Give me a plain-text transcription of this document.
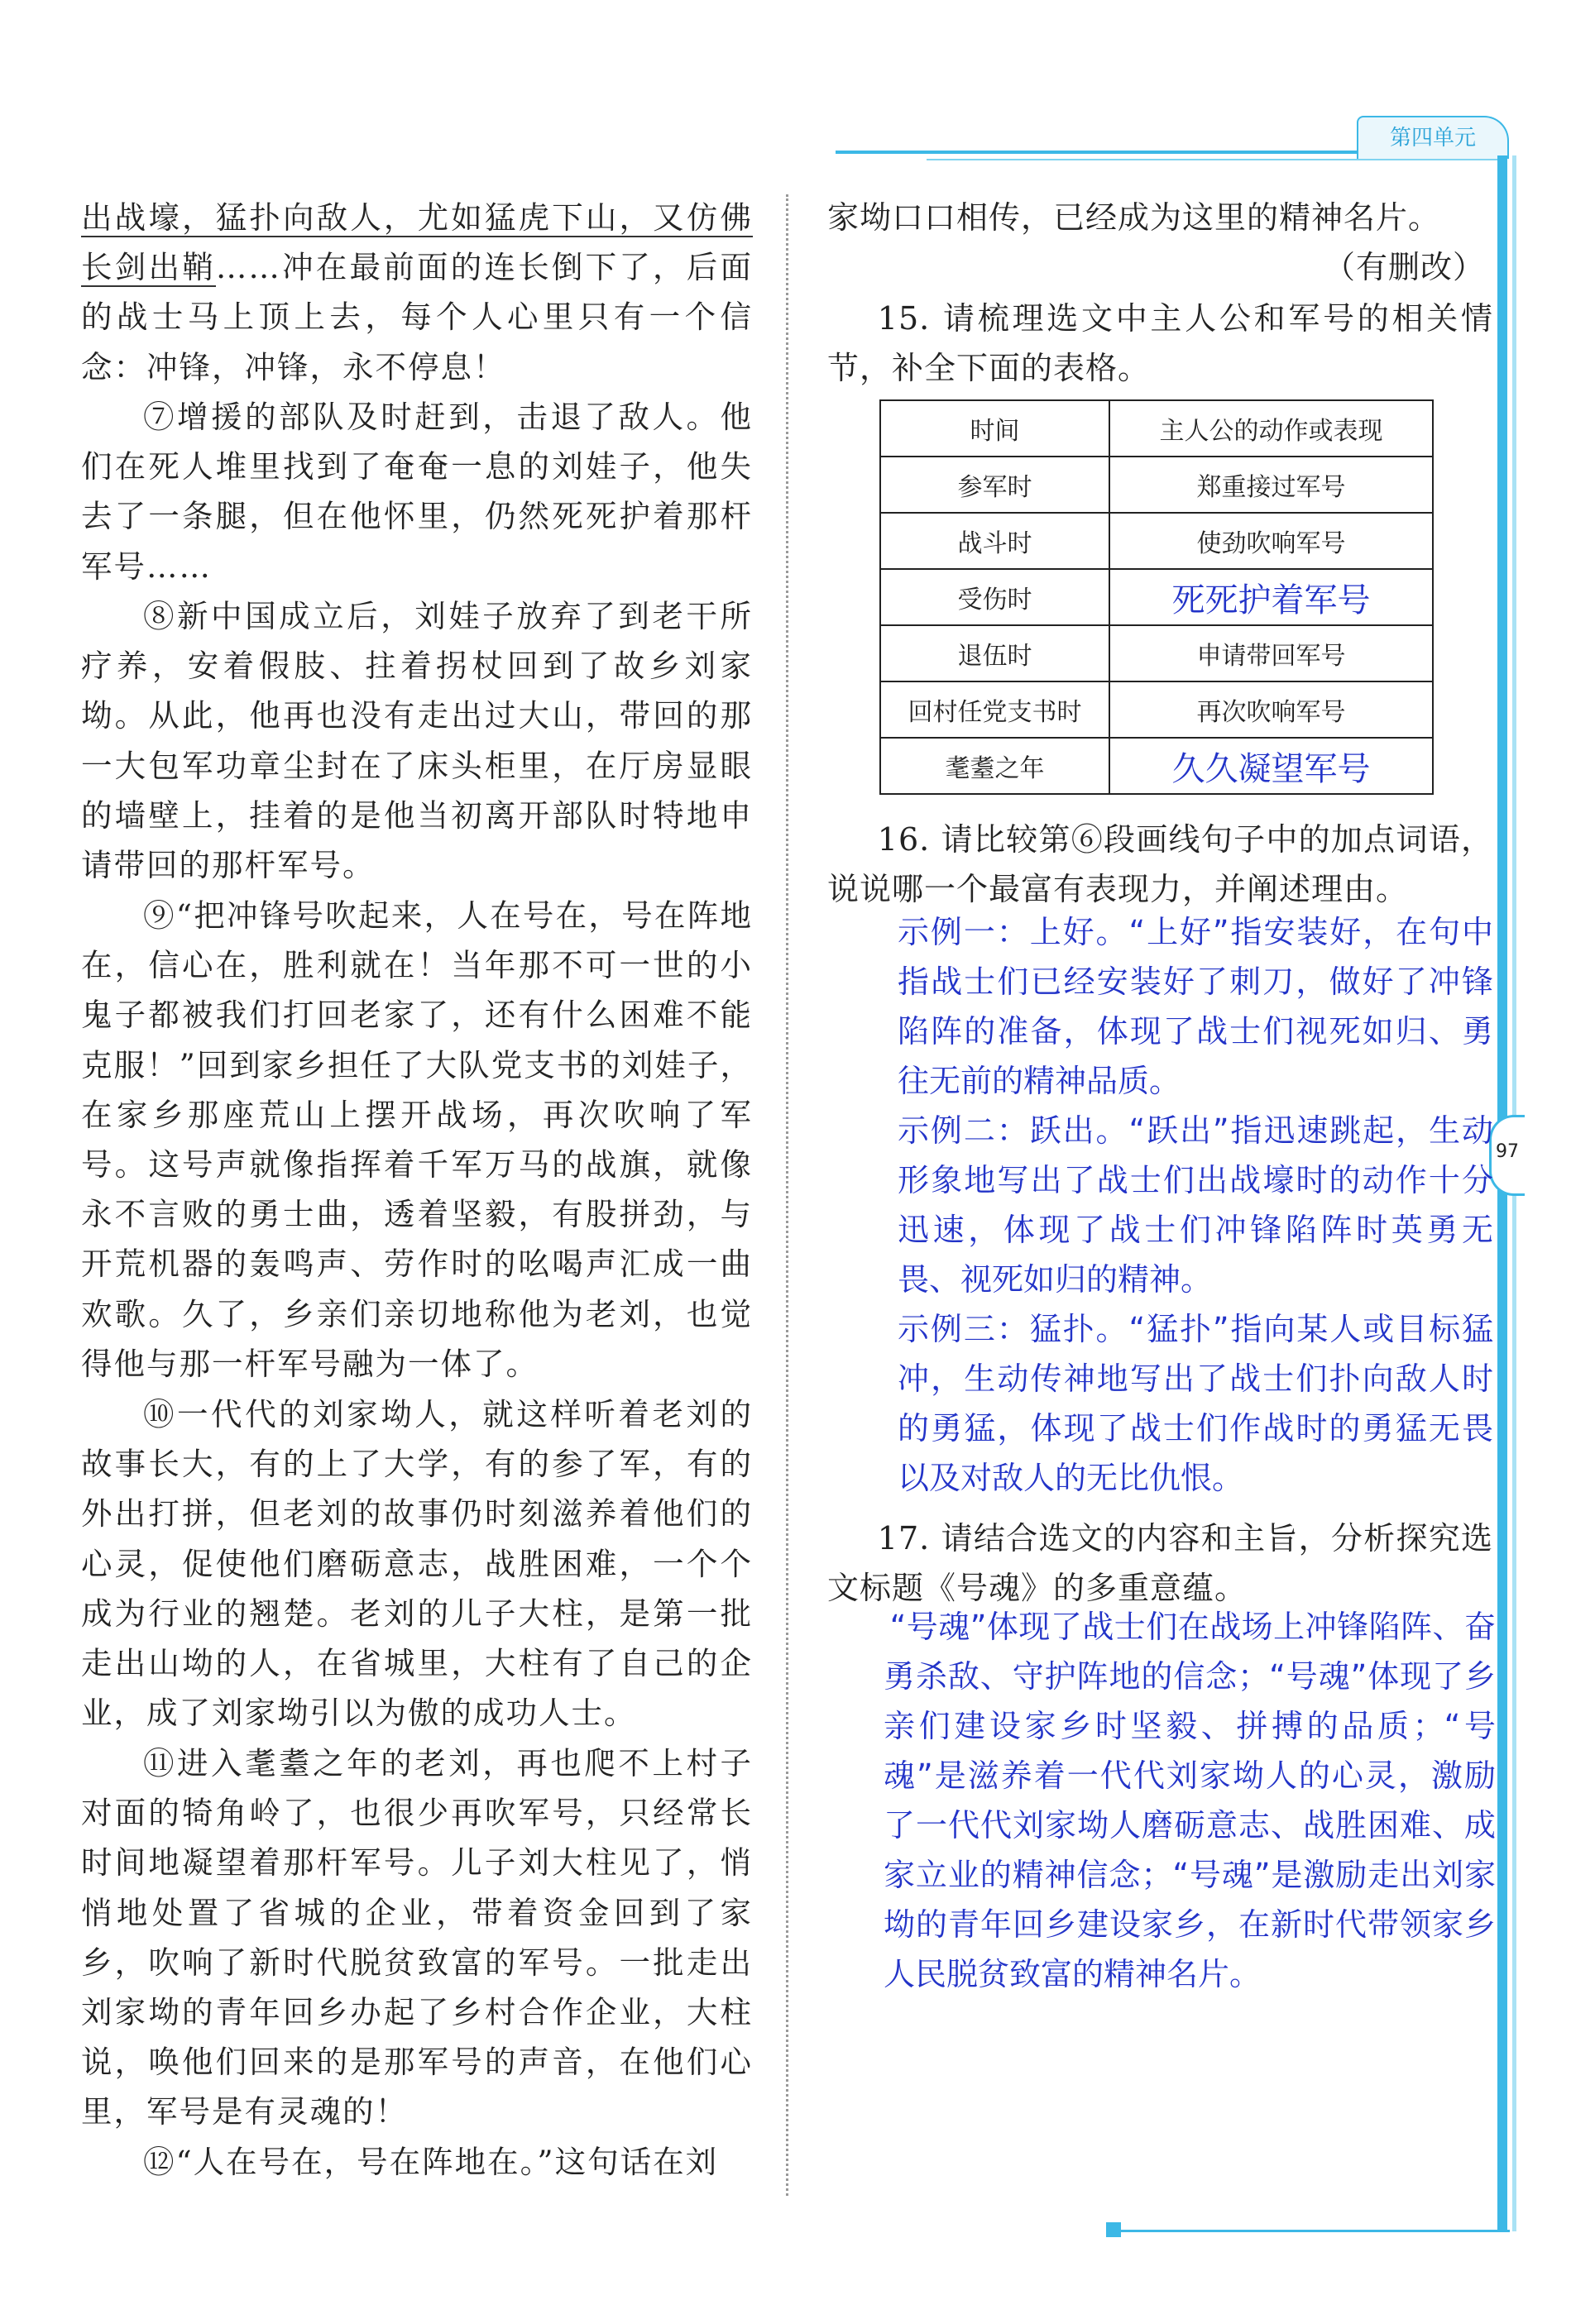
第四单元
97

出战壕，猛扑向敌人，尤如猛虎下山，又仿佛长剑出鞘……冲在最前面的连长倒下了，后面的战士马上顶上去，每个人心里只有一个信念：冲锋，冲锋，永不停息！

⑦增援的部队及时赶到，击退了敌人。他们在死人堆里找到了奄奄一息的刘娃子，他失去了一条腿，但在他怀里，仍然死死护着那杆军号……

⑧新中国成立后，刘娃子放弃了到老干所疗养，安着假肢、拄着拐杖回到了故乡刘家坳。从此，他再也没有走出过大山，带回的那一大包军功章尘封在了床头柜里，在厅房显眼的墙壁上，挂着的是他当初离开部队时特地申请带回的那杆军号。

⑨“把冲锋号吹起来，人在号在，号在阵地在，信心在，胜利就在！当年那不可一世的小鬼子都被我们打回老家了，还有什么困难不能克服！”回到家乡担任了大队党支书的刘娃子，在家乡那座荒山上摆开战场，再次吹响了军号。这号声就像指挥着千军万马的战旗，就像永不言败的勇士曲，透着坚毅，有股拼劲，与开荒机器的轰鸣声、劳作时的吆喝声汇成一曲欢歌。久了，乡亲们亲切地称他为老刘，也觉得他与那一杆军号融为一体了。

⑩一代代的刘家坳人，就这样听着老刘的故事长大，有的上了大学，有的参了军，有的外出打拼，但老刘的故事仍时刻滋养着他们的心灵，促使他们磨砺意志，战胜困难，一个个成为行业的翘楚。老刘的儿子大柱，是第一批走出山坳的人，在省城里，大柱有了自己的企业，成了刘家坳引以为傲的成功人士。

⑪进入耄耋之年的老刘，再也爬不上村子对面的犄角岭了，也很少再吹军号，只经常长时间地凝望着那杆军号。儿子刘大柱见了，悄悄地处置了省城的企业，带着资金回到了家乡，吹响了新时代脱贫致富的军号。一批走出刘家坳的青年回乡办起了乡村合作企业，大柱说，唤他们回来的是那军号的声音，在他们心里，军号是有灵魂的！

⑫“人在号在，号在阵地在。”这句话在刘

家坳口口相传，已经成为这里的精神名片。

（有删改）

15. 请梳理选文中主人公和军号的相关情节，补全下面的表格。

时间	主人公的动作或表现
参军时	郑重接过军号
战斗时	使劲吹响军号
受伤时	死死护着军号
退伍时	申请带回军号
回村任党支书时	再次吹响军号
耄耋之年	久久凝望军号

16. 请比较第⑥段画线句子中的加点词语，说说哪一个最富有表现力，并阐述理由。

示例一：上好。“上好”指安装好，在句中指战士们已经安装好了刺刀，做好了冲锋陷阵的准备，体现了战士们视死如归、勇往无前的精神品质。

示例二：跃出。“跃出”指迅速跳起，生动形象地写出了战士们出战壕时的动作十分迅速，体现了战士们冲锋陷阵时英勇无畏、视死如归的精神。

示例三：猛扑。“猛扑”指向某人或目标猛冲，生动传神地写出了战士们扑向敌人时的勇猛，体现了战士们作战时的勇猛无畏以及对敌人的无比仇恨。

17. 请结合选文的内容和主旨，分析探究选文标题《号魂》的多重意蕴。

“号魂”体现了战士们在战场上冲锋陷阵、奋勇杀敌、守护阵地的信念；“号魂”体现了乡亲们建设家乡时坚毅、拼搏的品质；“号魂”是滋养着一代代刘家坳人的心灵，激励了一代代刘家坳人磨砺意志、战胜困难、成家立业的精神信念；“号魂”是激励走出刘家坳的青年回乡建设家乡，在新时代带领家乡人民脱贫致富的精神名片。
